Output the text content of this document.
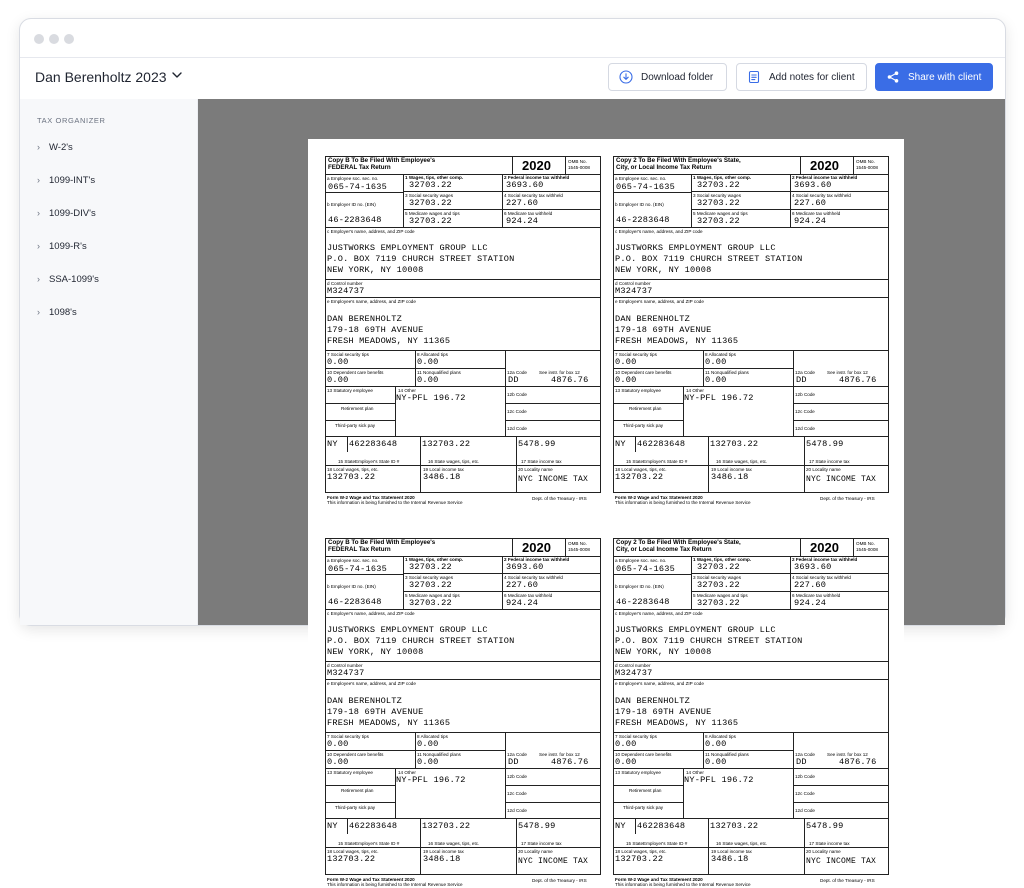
Dan Berenholtz 2023	Download folder	Add notes for client	Share with client
TAX ORGANIZER
› W-2's
› 1099-INT's
› 1099-DIV's
› 1099-R's
› SSA-1099's
› 1098's
Copy B To Be Filed With Employee's
FEDERAL Tax Return	2020	OMB No.
1545-0008
a Employee soc. sec. no.
065-74-1635
b Employer ID no. (EIN)
46-2283648
1 Wages, tips, other comp.
32703.22
2 Federal income tax withheld
3693.60
3 Social security wages
32703.22
4 Social security tax withheld
227.60
5 Medicare wages and tips
32703.22
6 Medicare tax withheld
924.24
c Employer's name, address, and ZIP code
JUSTWORKS EMPLOYMENT GROUP LLC
P.O. BOX 7119 CHURCH STREET STATION
NEW YORK, NY 10008
d Control number
M324737
e Employee's name, address, and ZIP code
DAN BERENHOLTZ
179-18 69TH AVENUE
FRESH MEADOWS, NY 11365
7 Social security tips
0.00
8 Allocated tips
0.00
10 Dependent care benefits
0.00
11 Nonqualified plans
0.00
12a Code	See instr. for box 12
DD	4876.76
12b Code
12c Code
12d Code
13 Statutory employee
Retirement plan
Third-party sick pay
14 Other
NY-PFL 196.72
NY 462283648	132703.22	5478.99
15 State Employer's State ID #	16 State wages, tips, etc.	17 State income tax
18 Local wages, tips, etc.
132703.22
19 Local income tax
3486.18
20 Locality name
NYC INCOME TAX
Form W-2 Wage and Tax Statement 2020
This information is being furnished to the Internal Revenue Service
Dept. of the Treasury - IRS
Copy 2 To Be Filed With Employee's State,
City, or Local Income Tax Return	2020	OMB No.
1545-0008
a Employee soc. sec. no.
065-74-1635
b Employer ID no. (EIN)
46-2283648
1 Wages, tips, other comp.
32703.22
2 Federal income tax withheld
3693.60
3 Social security wages
32703.22
4 Social security tax withheld
227.60
5 Medicare wages and tips
32703.22
6 Medicare tax withheld
924.24
c Employer's name, address, and ZIP code
JUSTWORKS EMPLOYMENT GROUP LLC
P.O. BOX 7119 CHURCH STREET STATION
NEW YORK, NY 10008
d Control number
M324737
e Employee's name, address, and ZIP code
DAN BERENHOLTZ
179-18 69TH AVENUE
FRESH MEADOWS, NY 11365
7 Social security tips
0.00
8 Allocated tips
0.00
10 Dependent care benefits
0.00
11 Nonqualified plans
0.00
12a Code	See instr. for box 12
DD	4876.76
12b Code
12c Code
12d Code
13 Statutory employee
Retirement plan
Third-party sick pay
14 Other
NY-PFL 196.72
NY 462283648	132703.22	5478.99
15 State Employer's State ID #	16 State wages, tips, etc.	17 State income tax
18 Local wages, tips, etc.
132703.22
19 Local income tax
3486.18
20 Locality name
NYC INCOME TAX
Form W-2 Wage and Tax Statement 2020
This information is being furnished to the Internal Revenue Service
Dept. of the Treasury - IRS
Copy B To Be Filed With Employee's
FEDERAL Tax Return	2020	OMB No.
1545-0008
a Employee soc. sec. no.
065-74-1635
b Employer ID no. (EIN)
46-2283648
1 Wages, tips, other comp.
32703.22
2 Federal income tax withheld
3693.60
3 Social security wages
32703.22
4 Social security tax withheld
227.60
5 Medicare wages and tips
32703.22
6 Medicare tax withheld
924.24
c Employer's name, address, and ZIP code
JUSTWORKS EMPLOYMENT GROUP LLC
P.O. BOX 7119 CHURCH STREET STATION
NEW YORK, NY 10008
d Control number
M324737
e Employee's name, address, and ZIP code
DAN BERENHOLTZ
179-18 69TH AVENUE
FRESH MEADOWS, NY 11365
7 Social security tips
0.00
8 Allocated tips
0.00
10 Dependent care benefits
0.00
11 Nonqualified plans
0.00
12a Code	See instr. for box 12
DD	4876.76
12b Code
12c Code
12d Code
13 Statutory employee
Retirement plan
Third-party sick pay
14 Other
NY-PFL 196.72
NY 462283648	132703.22	5478.99
15 State Employer's State ID #	16 State wages, tips, etc.	17 State income tax
18 Local wages, tips, etc.
132703.22
19 Local income tax
3486.18
20 Locality name
NYC INCOME TAX
Form W-2 Wage and Tax Statement 2020
This information is being furnished to the Internal Revenue Service
Dept. of the Treasury - IRS
Copy 2 To Be Filed With Employee's State,
City, or Local Income Tax Return	2020	OMB No.
1545-0008
a Employee soc. sec. no.
065-74-1635
b Employer ID no. (EIN)
46-2283648
1 Wages, tips, other comp.
32703.22
2 Federal income tax withheld
3693.60
3 Social security wages
32703.22
4 Social security tax withheld
227.60
5 Medicare wages and tips
32703.22
6 Medicare tax withheld
924.24
c Employer's name, address, and ZIP code
JUSTWORKS EMPLOYMENT GROUP LLC
P.O. BOX 7119 CHURCH STREET STATION
NEW YORK, NY 10008
d Control number
M324737
e Employee's name, address, and ZIP code
DAN BERENHOLTZ
179-18 69TH AVENUE
FRESH MEADOWS, NY 11365
7 Social security tips
0.00
8 Allocated tips
0.00
10 Dependent care benefits
0.00
11 Nonqualified plans
0.00
12a Code	See instr. for box 12
DD	4876.76
12b Code
12c Code
12d Code
13 Statutory employee
Retirement plan
Third-party sick pay
14 Other
NY-PFL 196.72
NY 462283648	132703.22	5478.99
15 State Employer's State ID #	16 State wages, tips, etc.	17 State income tax
18 Local wages, tips, etc.
132703.22
19 Local income tax
3486.18
20 Locality name
NYC INCOME TAX
Form W-2 Wage and Tax Statement 2020
This information is being furnished to the Internal Revenue Service
Dept. of the Treasury - IRS
